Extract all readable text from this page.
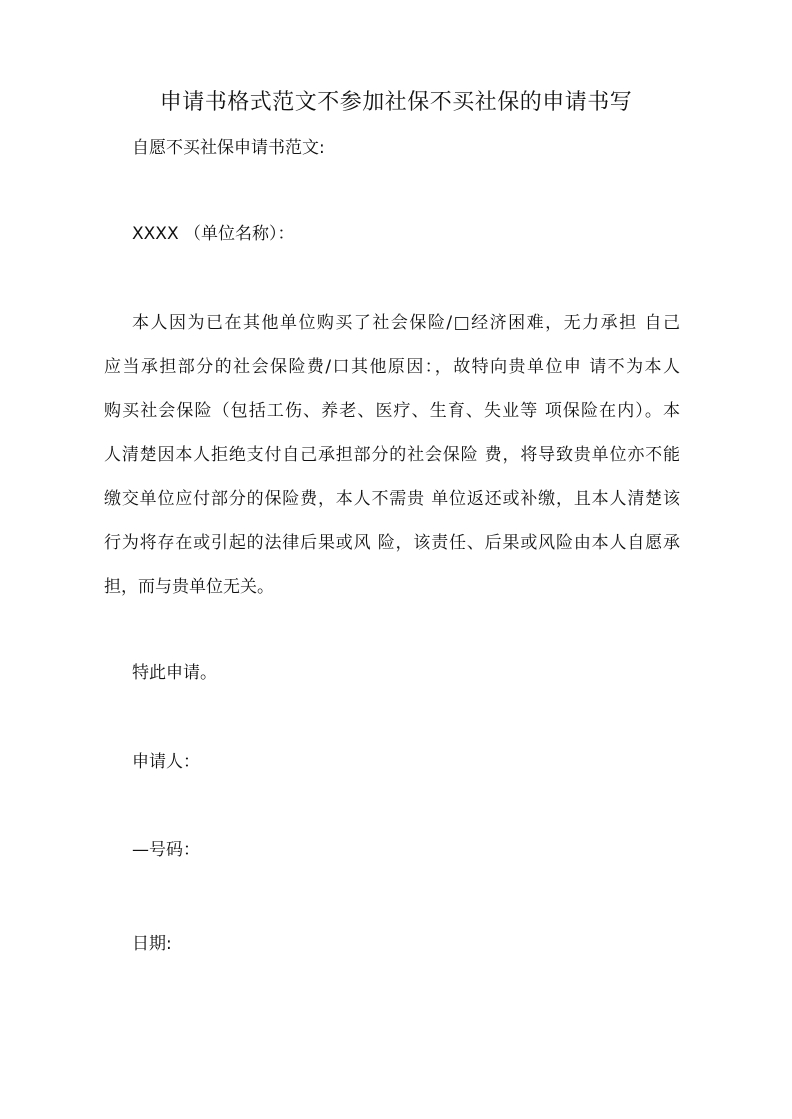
申请书格式范文不参加社保不买社保的申请书写
自愿不买社保申请书范文:
XXXX （单位名称）：
本人因为已在其他单位购买了社会保险/□经济困难，无力承担 自己
应当承担部分的社会保险费/口其他原因：，故特向贵单位申 请不为本人
购买社会保险（包括工伤、养老、医疗、生育、失业等 项保险在内）。本
人清楚因本人拒绝支付自己承担部分的社会保险 费，将导致贵单位亦不能
缴交单位应付部分的保险费，本人不需贵 单位返还或补缴，且本人清楚该
行为将存在或引起的法律后果或风 险，该责任、后果或风险由本人自愿承
担，而与贵单位无关。
特此申请。
申请人：
—号码：
日期:
